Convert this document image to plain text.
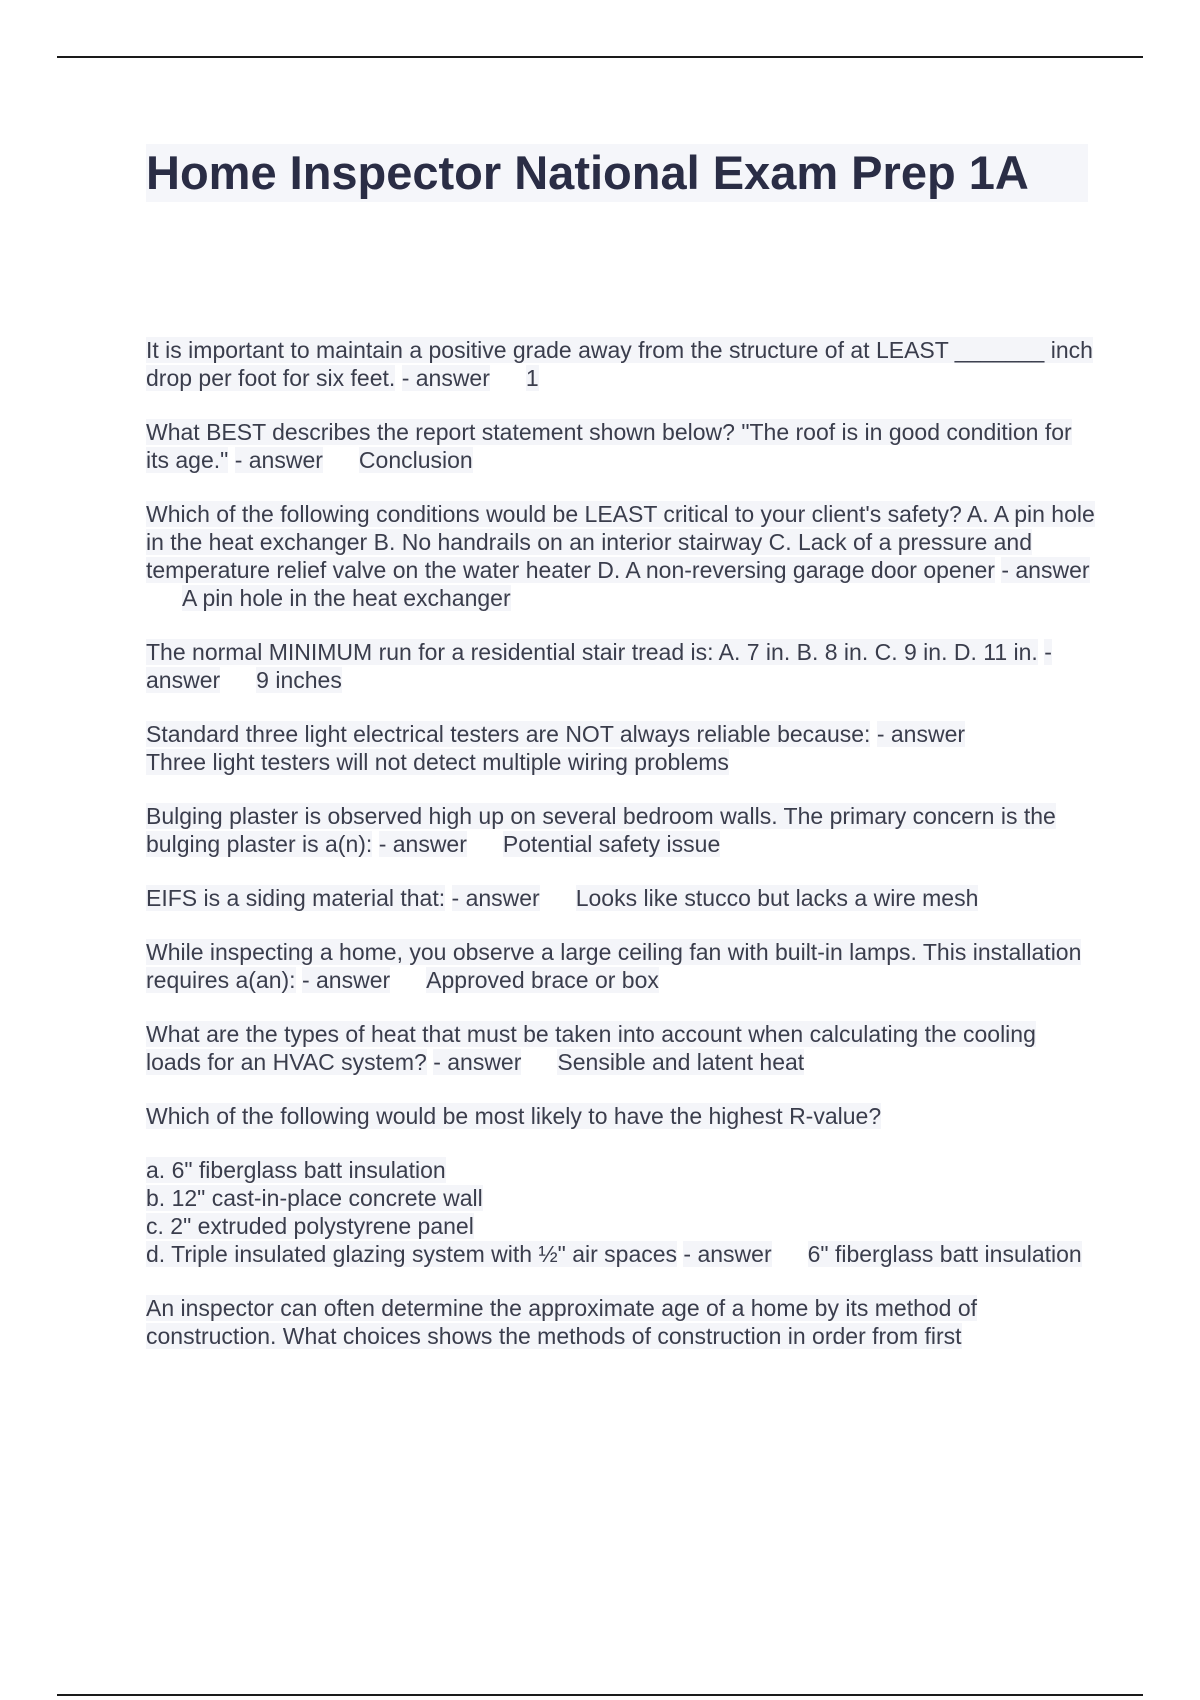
Home Inspector National Exam Prep 1A

It is important to maintain a positive grade away from the structure of at LEAST _______ inch drop per foot for six feet. - answer 1

What BEST describes the report statement shown below? "The roof is in good condition for its age." - answer Conclusion

Which of the following conditions would be LEAST critical to your client's safety? A. A pin hole in the heat exchanger B. No handrails on an interior stairway C. Lack of a pressure and temperature relief valve on the water heater D. A non-reversing garage door opener - answerA pin hole in the heat exchanger

The normal MINIMUM run for a residential stair tread is: A. 7 in. B. 8 in. C. 9 in. D. 11 in. - answer 9 inches

Standard three light electrical testers are NOT always reliable because: - answer
Three light testers will not detect multiple wiring problems

Bulging plaster is observed high up on several bedroom walls. The primary concern is the bulging plaster is a(n): - answer Potential safety issue

EIFS is a siding material that: - answer Looks like stucco but lacks a wire mesh

While inspecting a home, you observe a large ceiling fan with built-in lamps. This installation requires a(an): - answer Approved brace or box

What are the types of heat that must be taken into account when calculating the cooling loads for an HVAC system? - answer Sensible and latent heat

Which of the following would be most likely to have the highest R-value?

a. 6" fiberglass batt insulation
b. 12" cast-in-place concrete wall
c. 2" extruded polystyrene panel
d. Triple insulated glazing system with ½" air spaces - answer 6" fiberglass batt insulation

An inspector can often determine the approximate age of a home by its method of construction. What choices shows the methods of construction in order from first
